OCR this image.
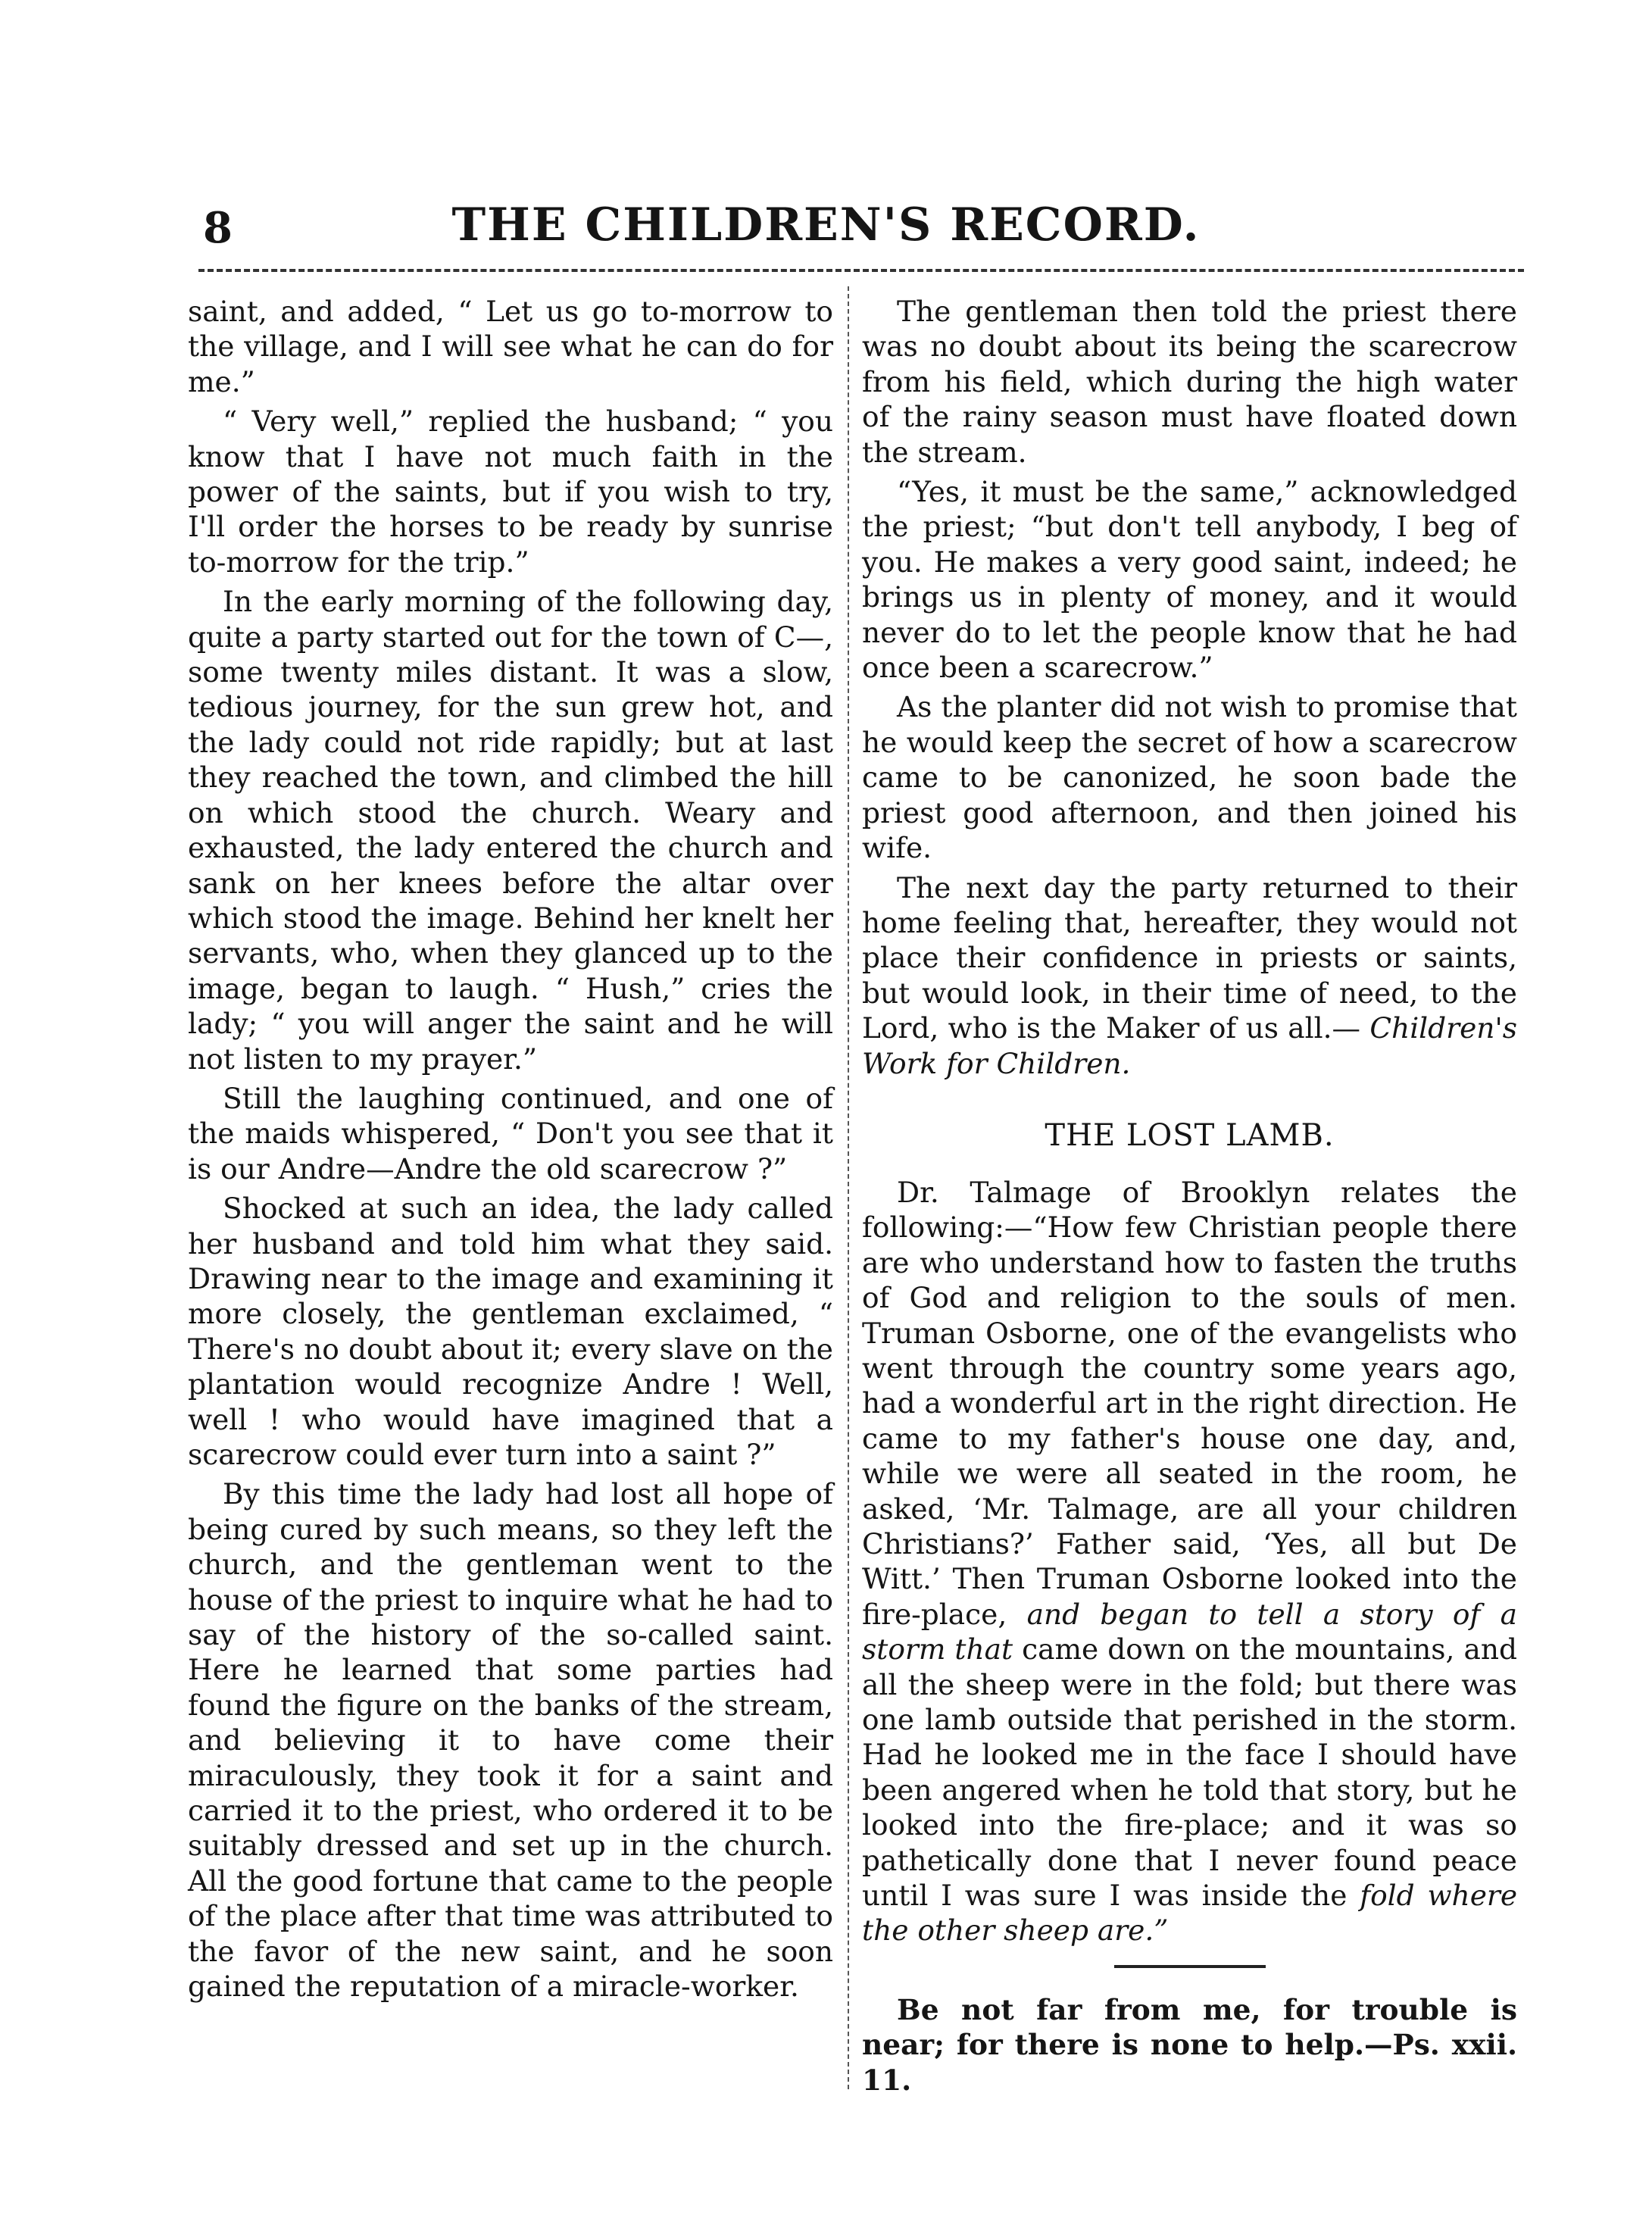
8	THE CHILDREN'S RECORD.

saint, and added, “ Let us go to-morrow to the village, and I will see what he can do for me.”

“ Very well,” replied the husband; “ you know that I have not much faith in the power of the saints, but if you wish to try, I'll order the horses to be ready by sunrise to-morrow for the trip.”

In the early morning of the following day, quite a party started out for the town of C—, some twenty miles distant. It was a slow, tedious journey, for the sun grew hot, and the lady could not ride rapidly; but at last they reached the town, and climbed the hill on which stood the church. Weary and exhausted, the lady entered the church and sank on her knees before the altar over which stood the image. Behind her knelt her servants, who, when they glanced up to the image, began to laugh. “ Hush,” cries the lady; “ you will anger the saint and he will not listen to my prayer.”

Still the laughing continued, and one of the maids whispered, “ Don't you see that it is our Andre—Andre the old scarecrow ?”

Shocked at such an idea, the lady called her husband and told him what they said. Drawing near to the image and examining it more closely, the gentleman exclaimed, “ There's no doubt about it; every slave on the plantation would recognize Andre ! Well, well ! who would have imagined that a scarecrow could ever turn into a saint ?”

By this time the lady had lost all hope of being cured by such means, so they left the church, and the gentleman went to the house of the priest to inquire what he had to say of the history of the so-called saint. Here he learned that some parties had found the figure on the banks of the stream, and believing it to have come their miraculously, they took it for a saint and carried it to the priest, who ordered it to be suitably dressed and set up in the church. All the good fortune that came to the people of the place after that time was attributed to the favor of the new saint, and he soon gained the reputation of a miracle-worker.

The gentleman then told the priest there was no doubt about its being the scarecrow from his field, which during the high water of the rainy season must have floated down the stream.

“Yes, it must be the same,” acknowledged the priest; “but don't tell anybody, I beg of you. He makes a very good saint, indeed; he brings us in plenty of money, and it would never do to let the people know that he had once been a scarecrow.”

As the planter did not wish to promise that he would keep the secret of how a scarecrow came to be canonized, he soon bade the priest good afternoon, and then joined his wife.

The next day the party returned to their home feeling that, hereafter, they would not place their confidence in priests or saints, but would look, in their time of need, to the Lord, who is the Maker of us all.— Children's Work for Children.

THE LOST LAMB.

Dr. Talmage of Brooklyn relates the following:—“How few Christian people there are who understand how to fasten the truths of God and religion to the souls of men. Truman Osborne, one of the evangelists who went through the country some years ago, had a wonderful art in the right direction. He came to my father's house one day, and, while we were all seated in the room, he asked, ‘Mr. Talmage, are all your children Christians?’ Father said, ‘Yes, all but De Witt.’ Then Truman Osborne looked into the fire-place, and began to tell a story of a storm that came down on the mountains, and all the sheep were in the fold; but there was one lamb outside that perished in the storm. Had he looked me in the face I should have been angered when he told that story, but he looked into the fire-place; and it was so pathetically done that I never found peace until I was sure I was inside the fold where the other sheep are.”

Be not far from me, for trouble is near; for there is none to help.—Ps. xxii. 11.
